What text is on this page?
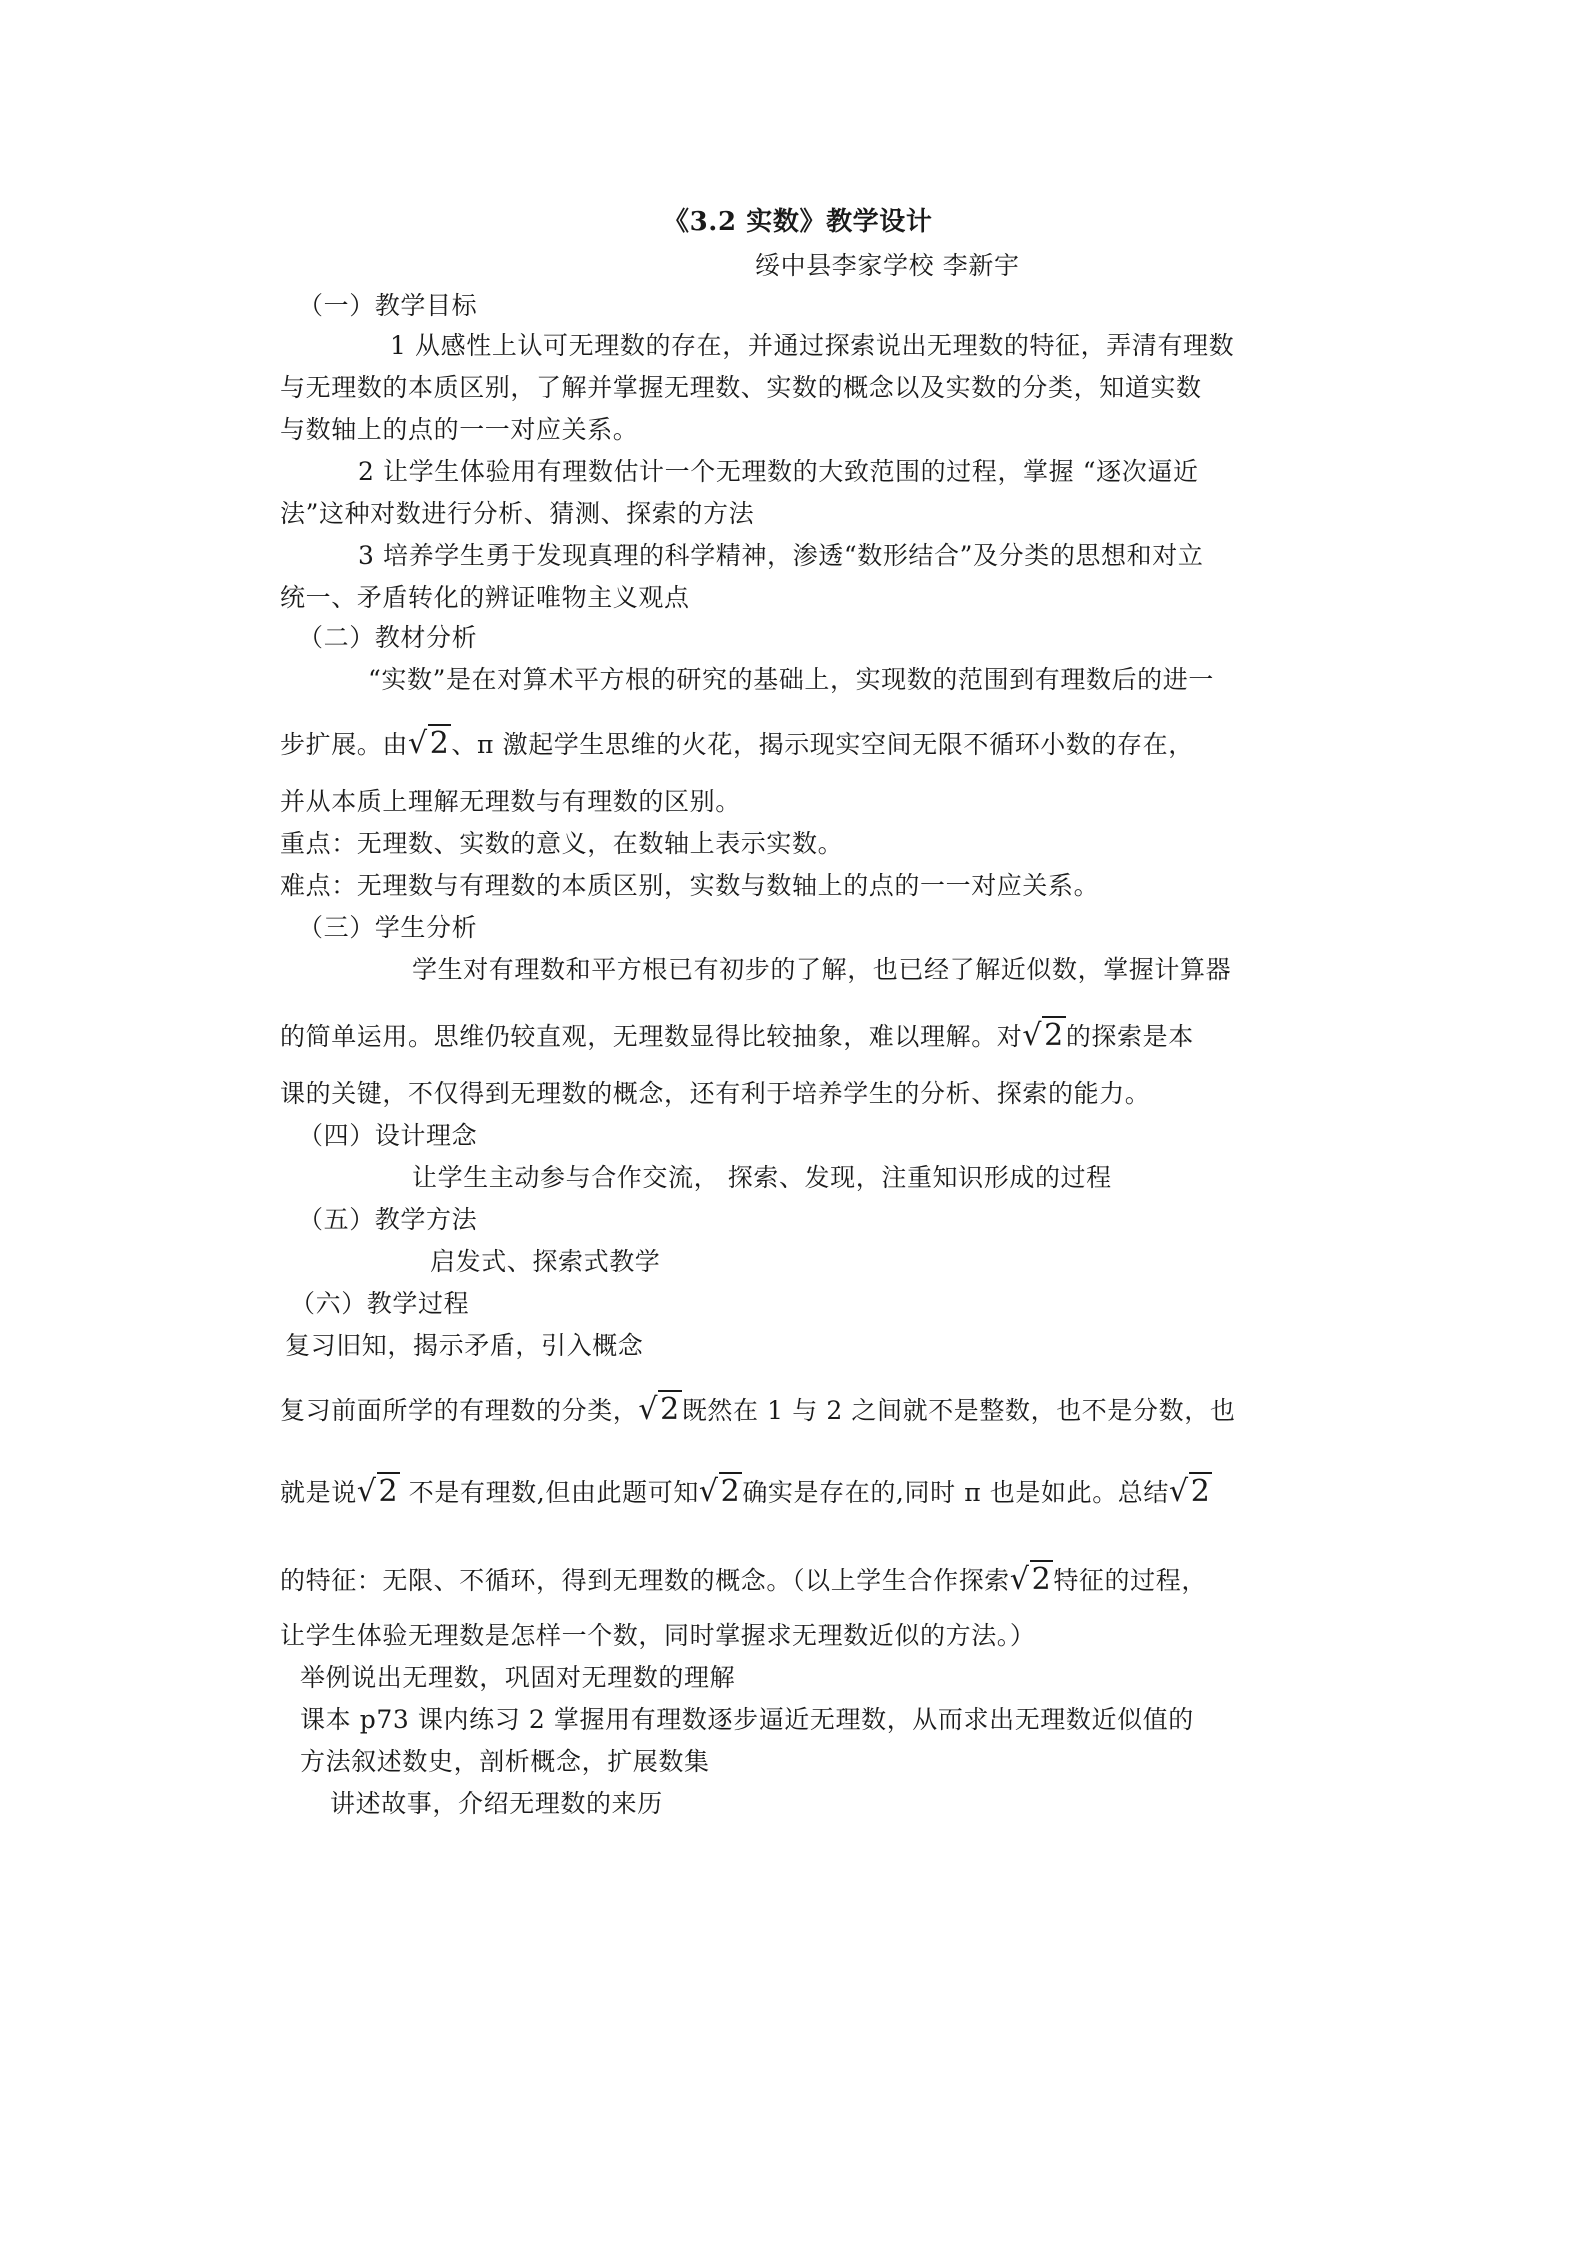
《3.2 实数》教学设计
绥中县李家学校 李新宇
（一）教学目标
1 从感性上认可无理数的存在，并通过探索说出无理数的特征，弄清有理数
与无理数的本质区别，了解并掌握无理数、实数的概念以及实数的分类，知道实数
与数轴上的点的一一对应关系。
2 让学生体验用有理数估计一个无理数的大致范围的过程，掌握 “逐次逼近
法”这种对数进行分析、猜测、探索的方法
3 培养学生勇于发现真理的科学精神，渗透“数形结合”及分类的思想和对立
统一、矛盾转化的辨证唯物主义观点
（二）教材分析
“实数”是在对算术平方根的研究的基础上，实现数的范围到有理数后的进一
步扩展。由√2、π 激起学生思维的火花，揭示现实空间无限不循环小数的存在，
并从本质上理解无理数与有理数的区别。
重点：无理数、实数的意义，在数轴上表示实数。
难点：无理数与有理数的本质区别，实数与数轴上的点的一一对应关系。
（三）学生分析
学生对有理数和平方根已有初步的了解，也已经了解近似数，掌握计算器
的简单运用。思维仍较直观，无理数显得比较抽象，难以理解。对√2的探索是本
课的关键，不仅得到无理数的概念，还有利于培养学生的分析、探索的能力。
（四）设计理念
让学生主动参与合作交流， 探索、发现，注重知识形成的过程
（五）教学方法
启发式、探索式教学
（六）教学过程
复习旧知，揭示矛盾，引入概念
复习前面所学的有理数的分类，√2既然在 1 与 2 之间就不是整数，也不是分数，也
就是说√2 不是有理数,但由此题可知√2确实是存在的,同时 π 也是如此。总结√2
的特征：无限、不循环，得到无理数的概念。（以上学生合作探索√2特征的过程，
让学生体验无理数是怎样一个数，同时掌握求无理数近似的方法。）
举例说出无理数，巩固对无理数的理解
课本 p73 课内练习 2 掌握用有理数逐步逼近无理数，从而求出无理数近似值的
方法叙述数史，剖析概念，扩展数集
讲述故事，介绍无理数的来历
